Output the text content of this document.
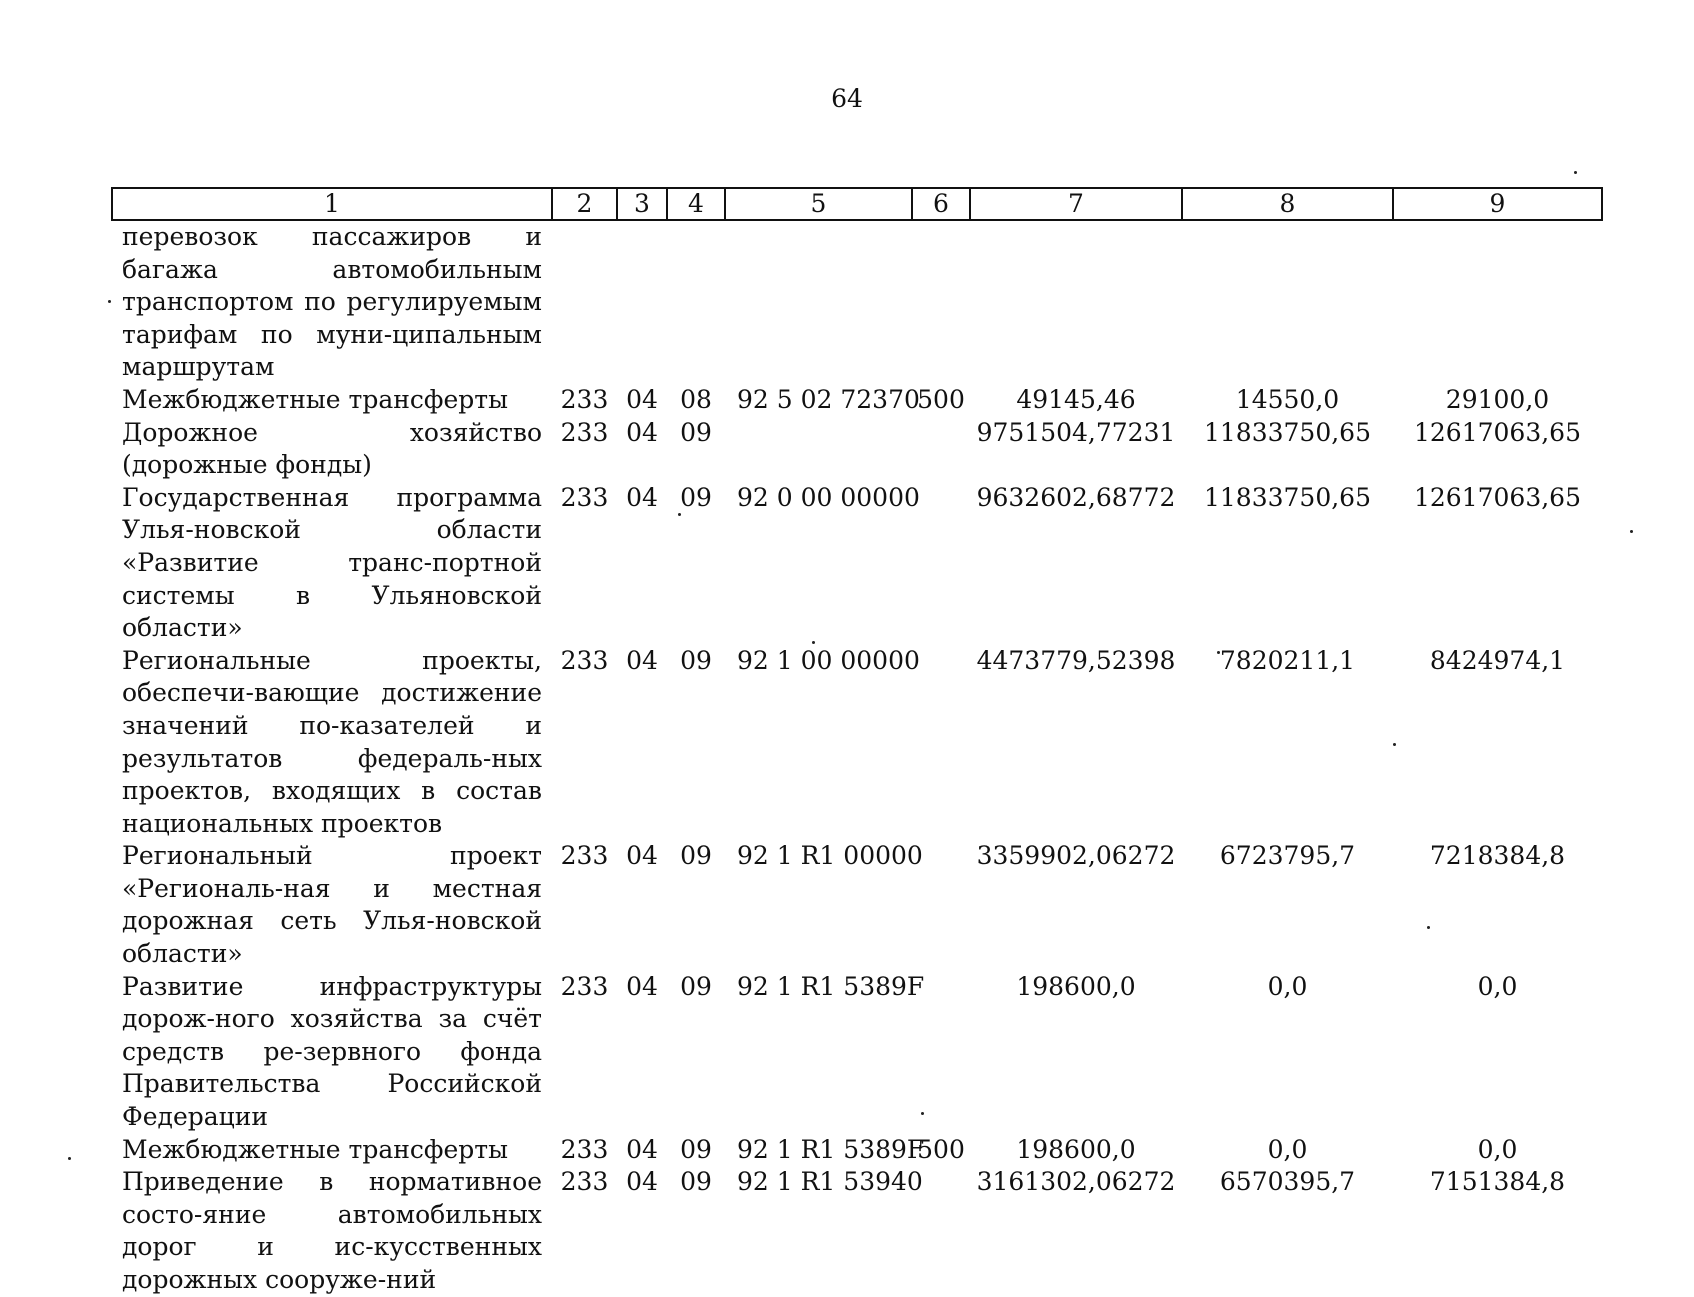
64
1	2	3	4	5	6	7	8	9
перевозок пассажиров и багажа автомобильным транспортом по регулируемым тарифам по муни-ципальным маршрутам								
Межбюджетные трансферты	233	04	08	92 5 02 72370	500	49145,46	14550,0	29100,0
Дорожное хозяйство (дорожные фонды)	233	04	09			9751504,77231	11833750,65	12617063,65
Государственная программа Улья-новской области «Развитие транс-портной системы в Ульяновской области»	233	04	09	92 0 00 00000		9632602,68772	11833750,65	12617063,65
Региональные проекты, обеспечи-вающие достижение значений по-казателей и результатов федераль-ных проектов, входящих в состав национальных проектов	233	04	09	92 1 00 00000		4473779,52398	7820211,1	8424974,1
Региональный проект «Региональ-ная и местная дорожная сеть Улья-новской области»	233	04	09	92 1 R1 00000		3359902,06272	6723795,7	7218384,8
Развитие инфраструктуры дорож-ного хозяйства за счёт средств ре-зервного фонда Правительства Российской Федерации	233	04	09	92 1 R1 5389F		198600,0	0,0	0,0
Межбюджетные трансферты	233	04	09	92 1 R1 5389F	500	198600,0	0,0	0,0
Приведение в нормативное состо-яние автомобильных дорог и ис-кусственных дорожных сооруже-ний	233	04	09	92 1 R1 53940		3161302,06272	6570395,7	7151384,8
